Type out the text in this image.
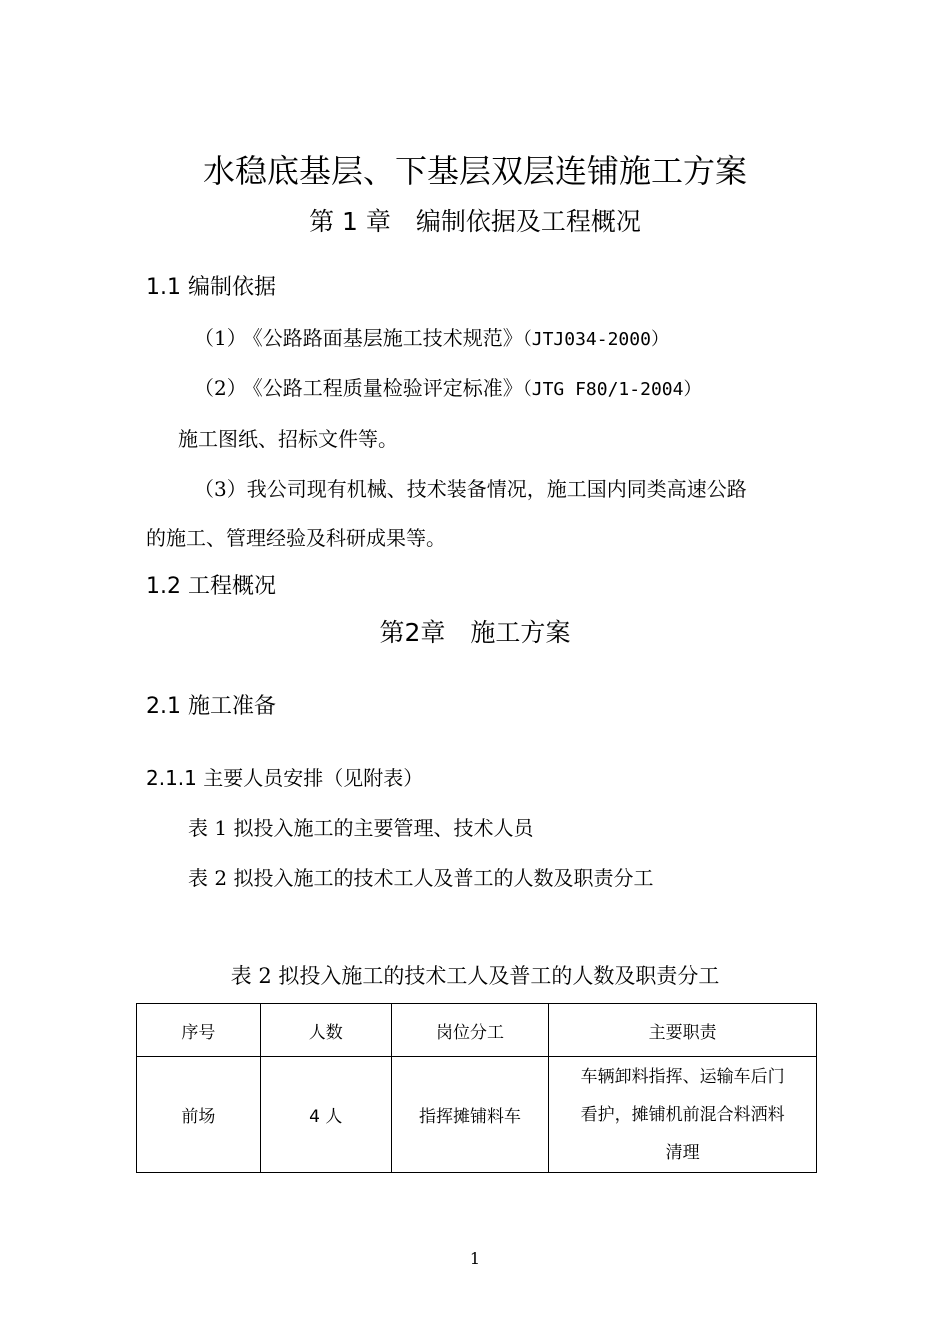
水稳底基层、下基层双层连铺施工方案
第 1 章　编制依据及工程概况
1.1 编制依据
（1） 《公路路面基层施工技术规范》（JTJ034-2000）
（2） 《公路工程质量检验评定标准》（JTG F80/1-2004）
施工图纸、招标文件等。
（3）我公司现有机械、技术装备情况，施工国内同类高速公路
的施工、管理经验及科研成果等。
1.2 工程概况
第2章　施工方案
2.1 施工准备
2.1.1 主要人员安排（见附表）
表 1 拟投入施工的主要管理、技术人员
表 2 拟投入施工的技术工人及普工的人数及职责分工
表 2 拟投入施工的技术工人及普工的人数及职责分工
序号	人数	岗位分工	主要职责
前场	4 人	指挥摊铺料车	车辆卸料指挥、运输车后门
看护，摊铺机前混合料洒料
清理
1
